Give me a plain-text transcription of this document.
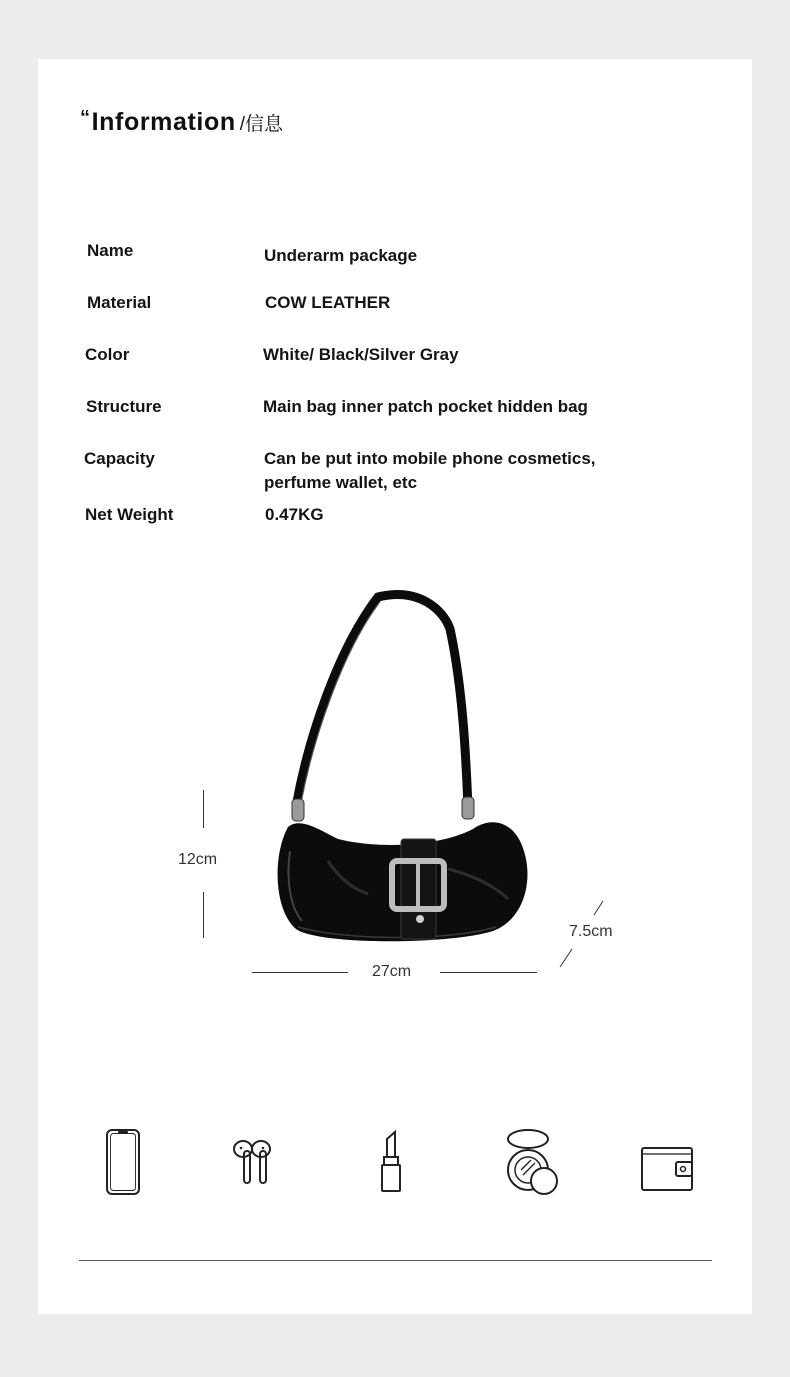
“Information /信息
Name	Underarm package
Material	COW LEATHER
Color	White/ Black/Silver Gray
Structure	Main bag inner patch pocket hidden bag
Capacity	Can be put into mobile phone cosmetics, perfume wallet, etc
Net Weight	0.47KG
12cm
27cm
7.5cm
